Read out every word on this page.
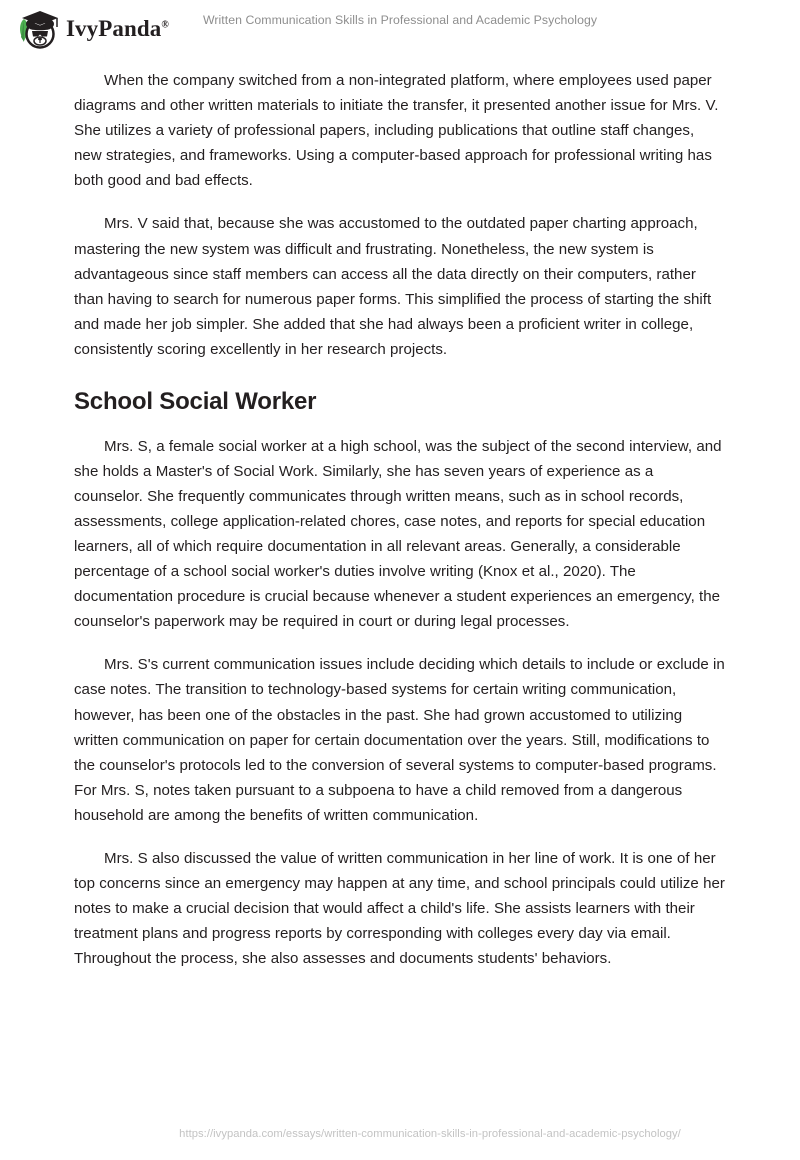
IvyPanda®	Written Communication Skills in Professional and Academic Psychology

When the company switched from a non-integrated platform, where employees used paper diagrams and other written materials to initiate the transfer, it presented another issue for Mrs. V. She utilizes a variety of professional papers, including publications that outline staff changes, new strategies, and frameworks. Using a computer-based approach for professional writing has both good and bad effects.

Mrs. V said that, because she was accustomed to the outdated paper charting approach, mastering the new system was difficult and frustrating. Nonetheless, the new system is advantageous since staff members can access all the data directly on their computers, rather than having to search for numerous paper forms. This simplified the process of starting the shift and made her job simpler. She added that she had always been a proficient writer in college, consistently scoring excellently in her research projects.

School Social Worker

Mrs. S, a female social worker at a high school, was the subject of the second interview, and she holds a Master's of Social Work. Similarly, she has seven years of experience as a counselor. She frequently communicates through written means, such as in school records, assessments, college application-related chores, case notes, and reports for special education learners, all of which require documentation in all relevant areas. Generally, a considerable percentage of a school social worker's duties involve writing (Knox et al., 2020). The documentation procedure is crucial because whenever a student experiences an emergency, the counselor's paperwork may be required in court or during legal processes.

Mrs. S's current communication issues include deciding which details to include or exclude in case notes. The transition to technology-based systems for certain writing communication, however, has been one of the obstacles in the past. She had grown accustomed to utilizing written communication on paper for certain documentation over the years. Still, modifications to the counselor's protocols led to the conversion of several systems to computer-based programs. For Mrs. S, notes taken pursuant to a subpoena to have a child removed from a dangerous household are among the benefits of written communication.

Mrs. S also discussed the value of written communication in her line of work. It is one of her top concerns since an emergency may happen at any time, and school principals could utilize her notes to make a crucial decision that would affect a child's life. She assists learners with their treatment plans and progress reports by corresponding with colleges every day via email. Throughout the process, she also assesses and documents students' behaviors.

https://ivypanda.com/essays/written-communication-skills-in-professional-and-academic-psychology/
